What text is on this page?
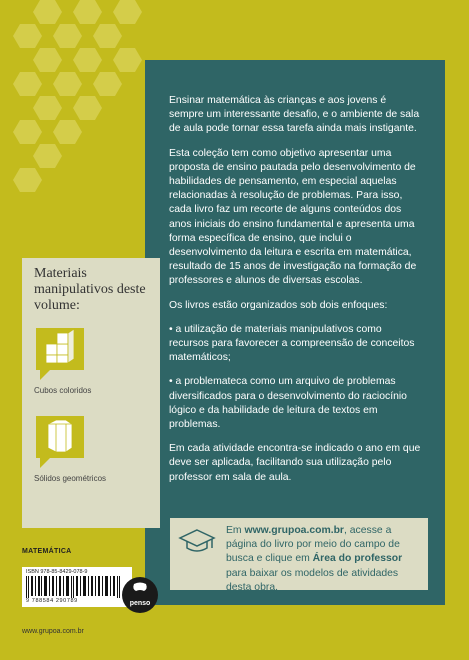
Ensinar matemática às crianças e aos jovens é sempre um interessante desafio, e o ambiente de sala de aula pode tornar essa tarefa ainda mais instigante.

Esta coleção tem como objetivo apresentar uma proposta de ensino pautada pelo desenvolvimento de habilidades de pensamento, em especial aquelas relacionadas à resolução de problemas. Para isso, cada livro faz um recorte de alguns conteúdos dos anos iniciais do ensino fundamental e apresenta uma forma específica de ensino, que inclui o desenvolvimento da leitura e escrita em matemática, resultado de 15 anos de investigação na formação de professores e alunos de diversas escolas.

Os livros estão organizados sob dois enfoques:

• a utilização de materiais manipulativos como recursos para favorecer a compreensão de conceitos matemáticos;

• a problemateca como um arquivo de problemas diversificados para o desenvolvimento do raciocínio lógico e da habilidade de leitura de textos em problemas.

Em cada atividade encontra-se indicado o ano em que deve ser aplicada, facilitando sua utilização pelo professor em sala de aula.

Em www.grupoa.com.br, acesse a página do livro por meio do campo de busca e clique em Área do professor para baixar os modelos de atividades desta obra.

Materiais manipulativos deste volume:

Cubos coloridos
Sólidos geométricos
MATEMÁTICA
ISBN 978-85-8429-078-9
9 788584 290789	penso
www.grupoa.com.br
